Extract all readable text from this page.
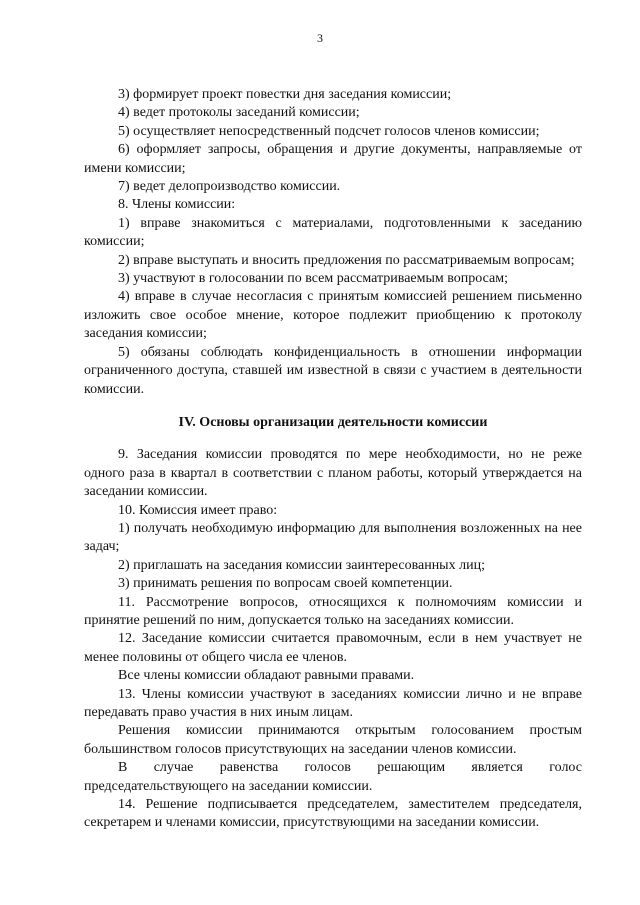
3

3) формирует проект повестки дня заседания комиссии;

4) ведет протоколы заседаний комиссии;

5) осуществляет непосредственный подсчет голосов членов комиссии;

6) оформляет запросы, обращения и другие документы, направляемые от имени комиссии;

7) ведет делопроизводство комиссии.

8. Члены комиссии:

1) вправе знакомиться с материалами, подготовленными к заседанию комиссии;

2) вправе выступать и вносить предложения по рассматриваемым вопросам;

3) участвуют в голосовании по всем рассматриваемым вопросам;

4) вправе в случае несогласия с принятым комиссией решением письменно изложить свое особое мнение, которое подлежит приобщению к протоколу заседания комиссии;

5) обязаны соблюдать конфиденциальность в отношении информации ограниченного доступа, ставшей им известной в связи с участием в деятельности комиссии.

IV. Основы организации деятельности комиссии

9. Заседания комиссии проводятся по мере необходимости, но не реже одного раза в квартал в соответствии с планом работы, который утверждается на заседании комиссии.

10. Комиссия имеет право:

1) получать необходимую информацию для выполнения возложенных на нее задач;

2) приглашать на заседания комиссии заинтересованных лиц;

3) принимать решения по вопросам своей компетенции.

11. Рассмотрение вопросов, относящихся к полномочиям комиссии и принятие решений по ним, допускается только на заседаниях комиссии.

12. Заседание комиссии считается правомочным, если в нем участвует не менее половины от общего числа ее членов.

Все члены комиссии обладают равными правами.

13. Члены комиссии участвуют в заседаниях комиссии лично и не вправе передавать право участия в них иным лицам.

Решения комиссии принимаются открытым голосованием простым большинством голосов присутствующих на заседании членов комиссии.

В случае равенства голосов решающим является голос председательствующего на заседании комиссии.

14. Решение подписывается председателем, заместителем председателя, секретарем и членами комиссии, присутствующими на заседании комиссии.
